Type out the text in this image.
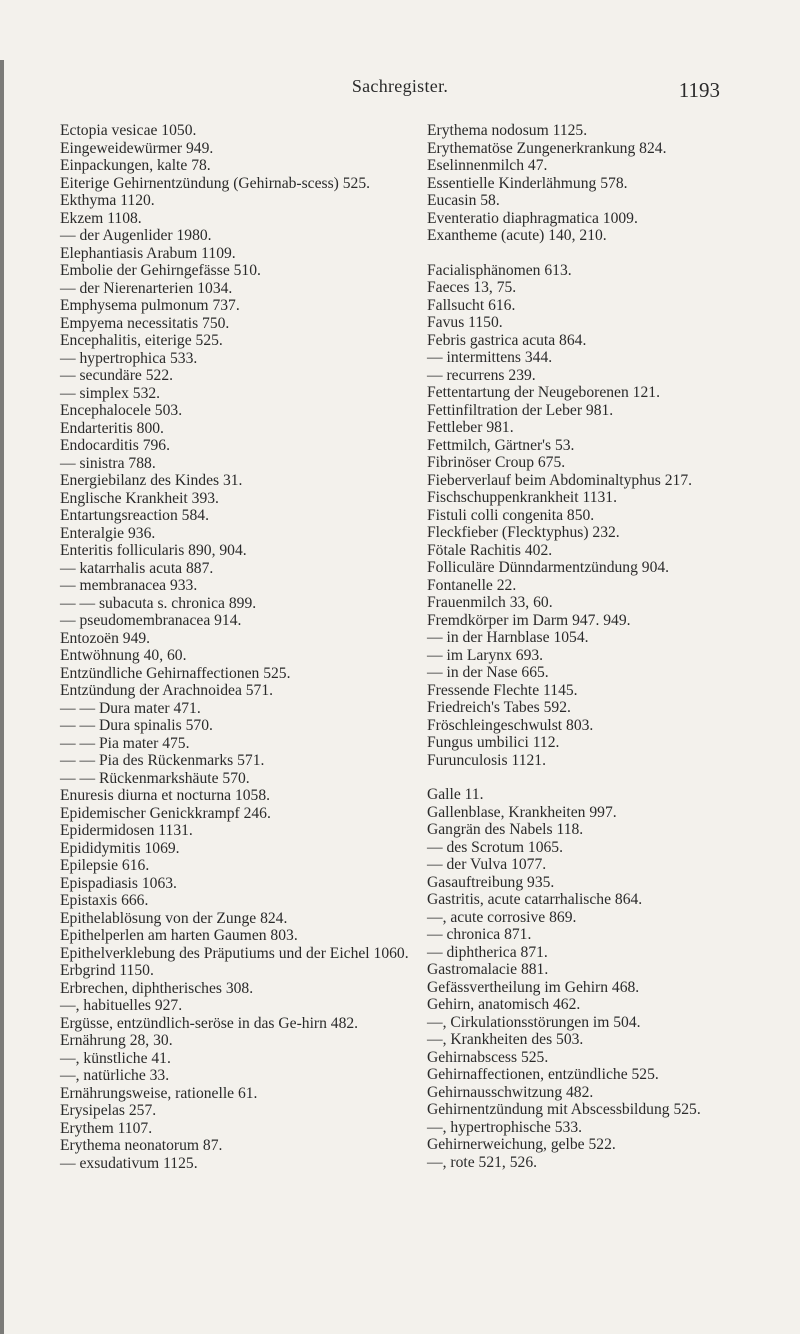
Sachregister.	1193
Ectopia vesicae 1050.
Eingeweidewürmer 949.
Einpackungen, kalte 78.
Eiterige Gehirnentzündung (Gehirnab-scess) 525.
Ekthyma 1120.
Ekzem 1108.
— der Augenlider 1980.
Elephantiasis Arabum 1109.
Embolie der Gehirngefässe 510.
— der Nierenarterien 1034.
Emphysema pulmonum 737.
Empyema necessitatis 750.
Encephalitis, eiterige 525.
— hypertrophica 533.
— secundäre 522.
— simplex 532.
Encephalocele 503.
Endarteritis 800.
Endocarditis 796.
— sinistra 788.
Energiebilanz des Kindes 31.
Englische Krankheit 393.
Entartungsreaction 584.
Enteralgie 936.
Enteritis follicularis 890, 904.
— katarrhalis acuta 887.
— membranacea 933.
— — subacuta s. chronica 899.
— pseudomembranacea 914.
Entozoën 949.
Entwöhnung 40, 60.
Entzündliche Gehirnaffectionen 525.
Entzündung der Arachnoidea 571.
— — Dura mater 471.
— — Dura spinalis 570.
— — Pia mater 475.
— — Pia des Rückenmarks 571.
— — Rückenmarkshäute 570.
Enuresis diurna et nocturna 1058.
Epidemischer Genickkrampf 246.
Epidermidosen 1131.
Epididymitis 1069.
Epilepsie 616.
Epispadiasis 1063.
Epistaxis 666.
Epithelablösung von der Zunge 824.
Epithelperlen am harten Gaumen 803.
Epithelverklebung des Präputiums und der Eichel 1060.
Erbgrind 1150.
Erbrechen, diphtherisches 308.
—, habituelles 927.
Ergüsse, entzündlich-seröse in das Ge-hirn 482.
Ernährung 28, 30.
—, künstliche 41.
—, natürliche 33.
Ernährungsweise, rationelle 61.
Erysipelas 257.
Erythem 1107.
Erythema neonatorum 87.
— exsudativum 1125.
Erythema nodosum 1125.
Erythematöse Zungenerkrankung 824.
Eselinnenmilch 47.
Essentielle Kinderlähmung 578.
Eucasin 58.
Eventeratio diaphragmatica 1009.
Exantheme (acute) 140, 210.
Facialisphänomen 613.
Faeces 13, 75.
Fallsucht 616.
Favus 1150.
Febris gastrica acuta 864.
— intermittens 344.
— recurrens 239.
Fettentartung der Neugeborenen 121.
Fettinfiltration der Leber 981.
Fettleber 981.
Fettmilch, Gärtner's 53.
Fibrinöser Croup 675.
Fieberverlauf beim Abdominaltyphus 217.
Fischschuppenkrankheit 1131.
Fistuli colli congenita 850.
Fleckfieber (Flecktyphus) 232.
Fötale Rachitis 402.
Folliculäre Dünndarmentzündung 904.
Fontanelle 22.
Frauenmilch 33, 60.
Fremdkörper im Darm 947. 949.
— in der Harnblase 1054.
— im Larynx 693.
— in der Nase 665.
Fressende Flechte 1145.
Friedreich's Tabes 592.
Fröschleingeschwulst 803.
Fungus umbilici 112.
Furunculosis 1121.
Galle 11.
Gallenblase, Krankheiten 997.
Gangrän des Nabels 118.
— des Scrotum 1065.
— der Vulva 1077.
Gasauftreibung 935.
Gastritis, acute catarrhalische 864.
—, acute corrosive 869.
— chronica 871.
— diphtherica 871.
Gastromalacie 881.
Gefässvertheilung im Gehirn 468.
Gehirn, anatomisch 462.
—, Cirkulationsstörungen im 504.
—, Krankheiten des 503.
Gehirnabscess 525.
Gehirnaffectionen, entzündliche 525.
Gehirnausschwitzung 482.
Gehirnentzündung mit Abscessbildung 525.
—, hypertrophische 533.
Gehirnerweichung, gelbe 522.
—, rote 521, 526.
